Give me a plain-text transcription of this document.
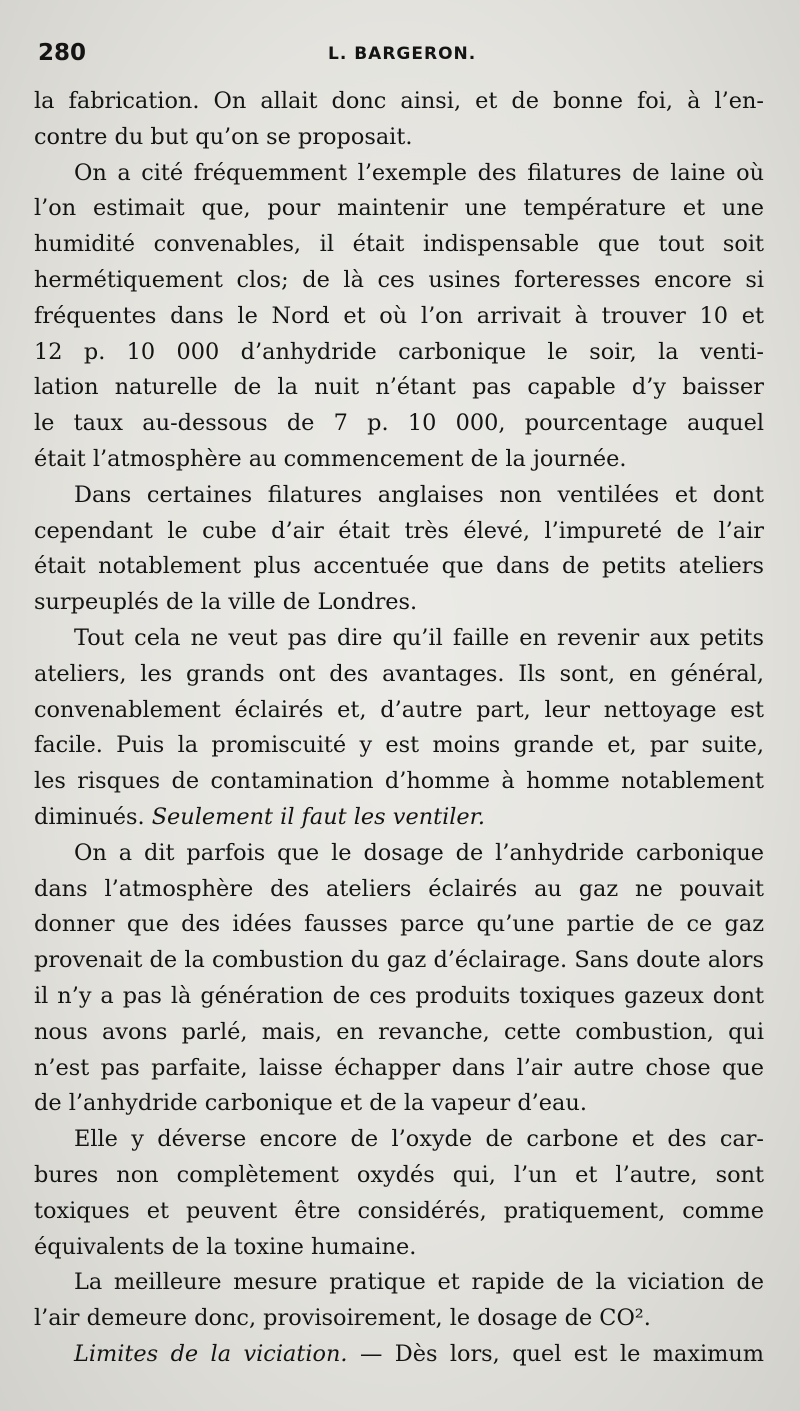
280	L. BARGERON.
la fabrication. On allait donc ainsi, et de bonne foi, à l’en-
contre du but qu’on se proposait.
On a cité fréquemment l’exemple des filatures de laine où
l’on estimait que, pour maintenir une température et une
humidité convenables, il était indispensable que tout soit
hermétiquement clos; de là ces usines forteresses encore si
fréquentes dans le Nord et où l’on arrivait à trouver 10 et
12 p. 10 000 d’anhydride carbonique le soir, la venti-
lation naturelle de la nuit n’étant pas capable d’y baisser
le taux au-dessous de 7 p. 10 000, pourcentage auquel
était l’atmosphère au commencement de la journée.
Dans certaines filatures anglaises non ventilées et dont
cependant le cube d’air était très élevé, l’impureté de l’air
était notablement plus accentuée que dans de petits ateliers
surpeuplés de la ville de Londres.
Tout cela ne veut pas dire qu’il faille en revenir aux petits
ateliers, les grands ont des avantages. Ils sont, en général,
convenablement éclairés et, d’autre part, leur nettoyage est
facile. Puis la promiscuité y est moins grande et, par suite,
les risques de contamination d’homme à homme notablement
diminués. Seulement il faut les ventiler.
On a dit parfois que le dosage de l’anhydride carbonique
dans l’atmosphère des ateliers éclairés au gaz ne pouvait
donner que des idées fausses parce qu’une partie de ce gaz
provenait de la combustion du gaz d’éclairage. Sans doute alors
il n’y a pas là génération de ces produits toxiques gazeux dont
nous avons parlé, mais, en revanche, cette combustion, qui
n’est pas parfaite, laisse échapper dans l’air autre chose que
de l’anhydride carbonique et de la vapeur d’eau.
Elle y déverse encore de l’oxyde de carbone et des car-
bures non complètement oxydés qui, l’un et l’autre, sont
toxiques et peuvent être considérés, pratiquement, comme
équivalents de la toxine humaine.
La meilleure mesure pratique et rapide de la viciation de
l’air demeure donc, provisoirement, le dosage de CO².
Limites de la viciation. — Dès lors, quel est le maximum
